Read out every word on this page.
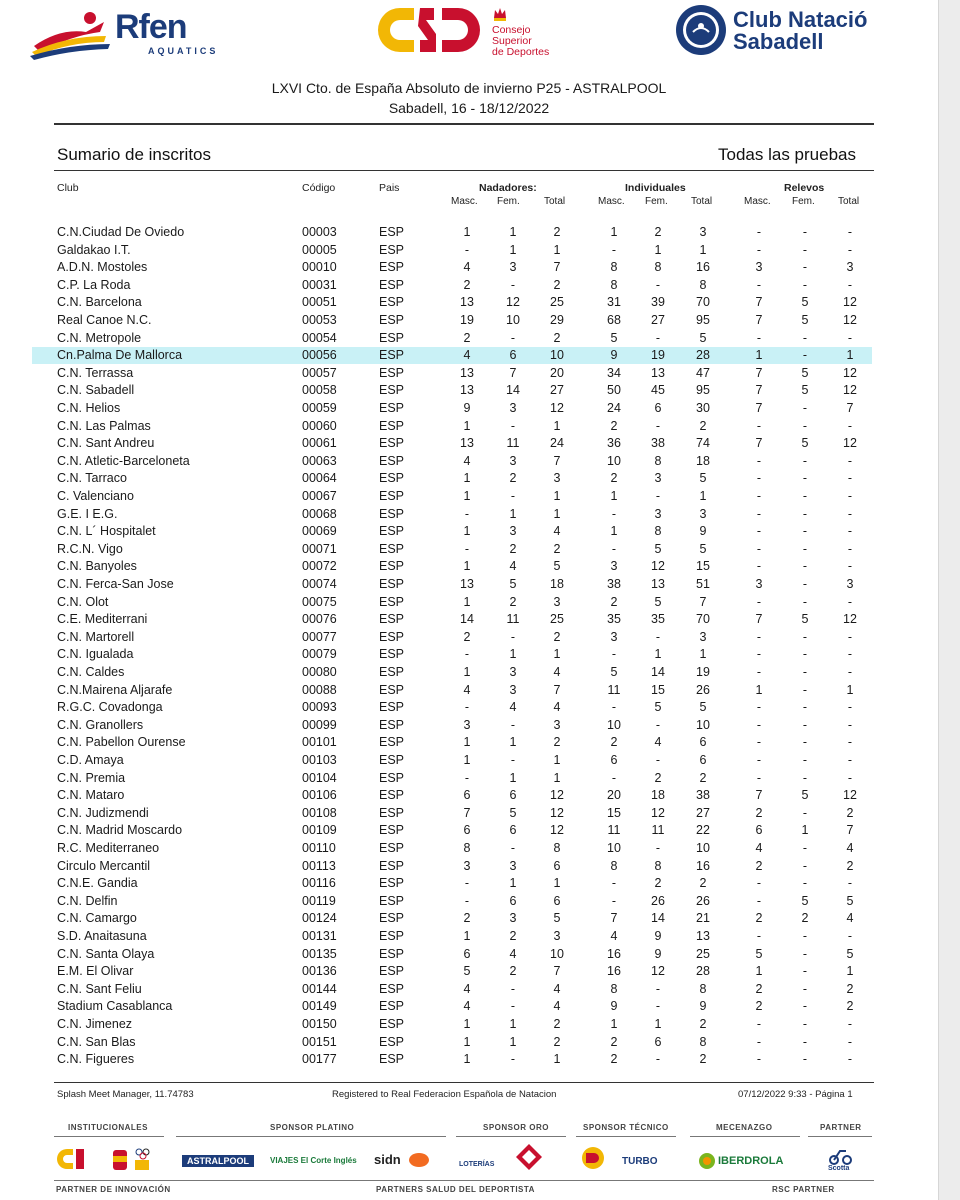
Rfen
AQUATICS
Consejo
Superior
de Deportes
Club Natació
Sabadell
LXVI Cto. de España Absoluto de invierno P25 - ASTRALPOOL
Sabadell, 16 - 18/12/2022
Sumario de inscritos	Todas las pruebas
Club	Código	Pais	Nadadores:	Individuales	Relevos
Masc. Fem. Total	Masc. Fem. Total	Masc. Fem. Total
C.N.Ciudad De Oviedo	00003	ESP	1	1	2	1	2	3	-	-	-
Galdakao I.T.	00005	ESP	-	1	1	-	1	1	-	-	-
A.D.N. Mostoles	00010	ESP	4	3	7	8	8	16	3	-	3
C.P. La Roda	00031	ESP	2	-	2	8	-	8	-	-	-
C.N. Barcelona	00051	ESP	13	12	25	31	39	70	7	5	12
Real Canoe N.C.	00053	ESP	19	10	29	68	27	95	7	5	12
C.N. Metropole	00054	ESP	2	-	2	5	-	5	-	-	-
Cn.Palma De Mallorca	00056	ESP	4	6	10	9	19	28	1	-	1
C.N. Terrassa	00057	ESP	13	7	20	34	13	47	7	5	12
C.N. Sabadell	00058	ESP	13	14	27	50	45	95	7	5	12
C.N. Helios	00059	ESP	9	3	12	24	6	30	7	-	7
C.N. Las Palmas	00060	ESP	1	-	1	2	-	2	-	-	-
C.N. Sant Andreu	00061	ESP	13	11	24	36	38	74	7	5	12
C.N. Atletic-Barceloneta	00063	ESP	4	3	7	10	8	18	-	-	-
C.N. Tarraco	00064	ESP	1	2	3	2	3	5	-	-	-
C. Valenciano	00067	ESP	1	-	1	1	-	1	-	-	-
G.E. I E.G.	00068	ESP	-	1	1	-	3	3	-	-	-
C.N. L´ Hospitalet	00069	ESP	1	3	4	1	8	9	-	-	-
R.C.N. Vigo	00071	ESP	-	2	2	-	5	5	-	-	-
C.N. Banyoles	00072	ESP	1	4	5	3	12	15	-	-	-
C.N. Ferca-San Jose	00074	ESP	13	5	18	38	13	51	3	-	3
C.N. Olot	00075	ESP	1	2	3	2	5	7	-	-	-
C.E. Mediterrani	00076	ESP	14	11	25	35	35	70	7	5	12
C.N. Martorell	00077	ESP	2	-	2	3	-	3	-	-	-
C.N. Igualada	00079	ESP	-	1	1	-	1	1	-	-	-
C.N. Caldes	00080	ESP	1	3	4	5	14	19	-	-	-
C.N.Mairena Aljarafe	00088	ESP	4	3	7	11	15	26	1	-	1
R.G.C. Covadonga	00093	ESP	-	4	4	-	5	5	-	-	-
C.N. Granollers	00099	ESP	3	-	3	10	-	10	-	-	-
C.N. Pabellon Ourense	00101	ESP	1	1	2	2	4	6	-	-	-
C.D. Amaya	00103	ESP	1	-	1	6	-	6	-	-	-
C.N. Premia	00104	ESP	-	1	1	-	2	2	-	-	-
C.N. Mataro	00106	ESP	6	6	12	20	18	38	7	5	12
C.N. Judizmendi	00108	ESP	7	5	12	15	12	27	2	-	2
C.N. Madrid Moscardo	00109	ESP	6	6	12	11	11	22	6	1	7
R.C. Mediterraneo	00110	ESP	8	-	8	10	-	10	4	-	4
Circulo Mercantil	00113	ESP	3	3	6	8	8	16	2	-	2
C.N.E. Gandia	00116	ESP	-	1	1	-	2	2	-	-	-
C.N. Delfin	00119	ESP	-	6	6	-	26	26	-	5	5
C.N. Camargo	00124	ESP	2	3	5	7	14	21	2	2	4
S.D. Anaitasuna	00131	ESP	1	2	3	4	9	13	-	-	-
C.N. Santa Olaya	00135	ESP	6	4	10	16	9	25	5	-	5
E.M. El Olivar	00136	ESP	5	2	7	16	12	28	1	-	1
C.N. Sant Feliu	00144	ESP	4	-	4	8	-	8	2	-	2
Stadium Casablanca	00149	ESP	4	-	4	9	-	9	2	-	2
C.N. Jimenez	00150	ESP	1	1	2	1	1	2	-	-	-
C.N. San Blas	00151	ESP	1	1	2	2	6	8	-	-	-
C.N. Figueres	00177	ESP	1	-	1	2	-	2	-	-	-
Splash Meet Manager, 11.74783	Registered to Real Federacion Española de Natacion	07/12/2022 9:33 - Página 1
INSTITUCIONALES	SPONSOR PLATINO	SPONSOR ORO	SPONSOR TÉCNICO	MECENAZGO	PARTNER
ASTRALPOOL	VIAJES El Corte Inglés sidn	LOTERÍAS	TURBO	IBERDROLA
Scotta
PARTNER DE INNOVACIÓN	PARTNERS SALUD DEL DEPORTISTA	RSC PARTNER
